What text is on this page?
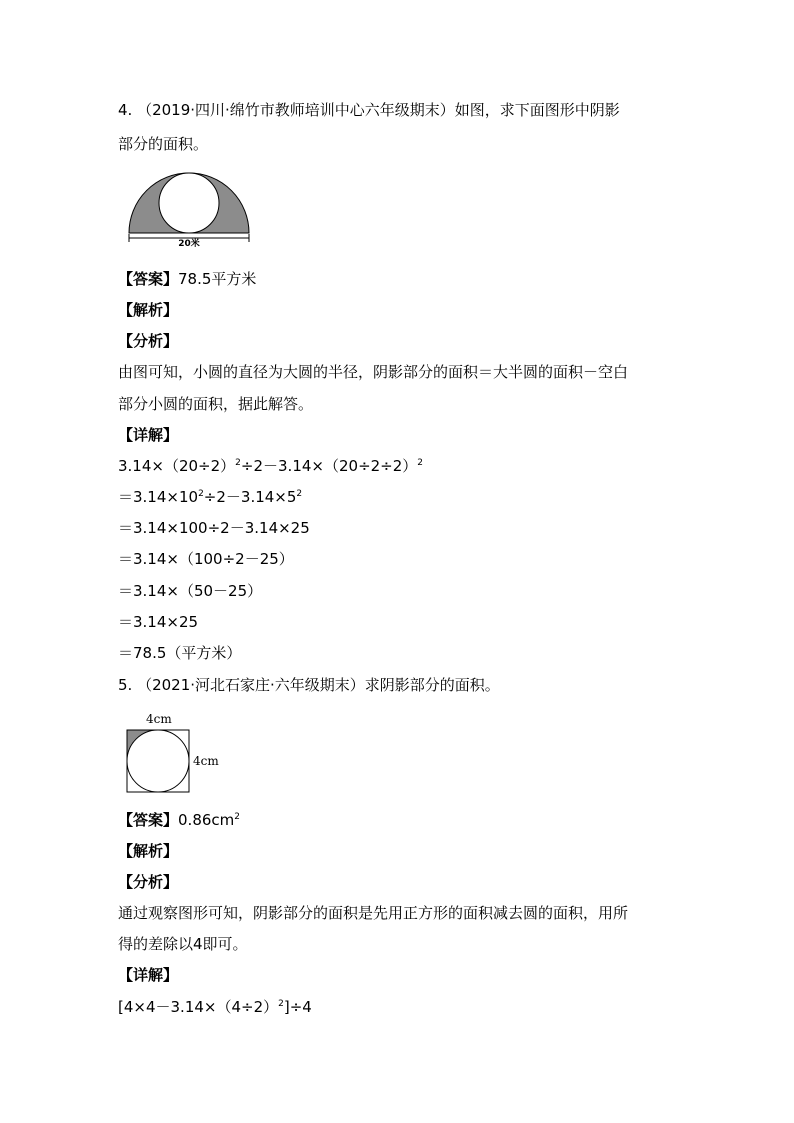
4. （2019·四川·绵竹市教师培训中心六年级期末）如图，求下面图形中阴影
部分的面积。
20米
【答案】78.5平方米
【解析】
【分析】
由图可知，小圆的直径为大圆的半径，阴影部分的面积＝大半圆的面积－空白
部分小圆的面积，据此解答。
【详解】
$3.14\times(20\div 2)^2\div 2-3.14\times(20\div 2\div 2)^2$
$=3.14\times 10^2\div 2-3.14\times 5^2$
＝3.14×100÷2－3.14×25
＝3.14×（100÷2－25）
＝3.14×（50－25）
＝3.14×25
＝78.5（平方米）
5. （2021·河北石家庄·六年级期末）求阴影部分的面积。
4cm
4cm
【答案】$0.86cm^2$
【解析】
【分析】
通过观察图形可知，阴影部分的面积是先用正方形的面积减去圆的面积，用所
得的差除以4即可。
【详解】
$[4\times 4-3.14\times(4\div 2)^2]\div 4$
